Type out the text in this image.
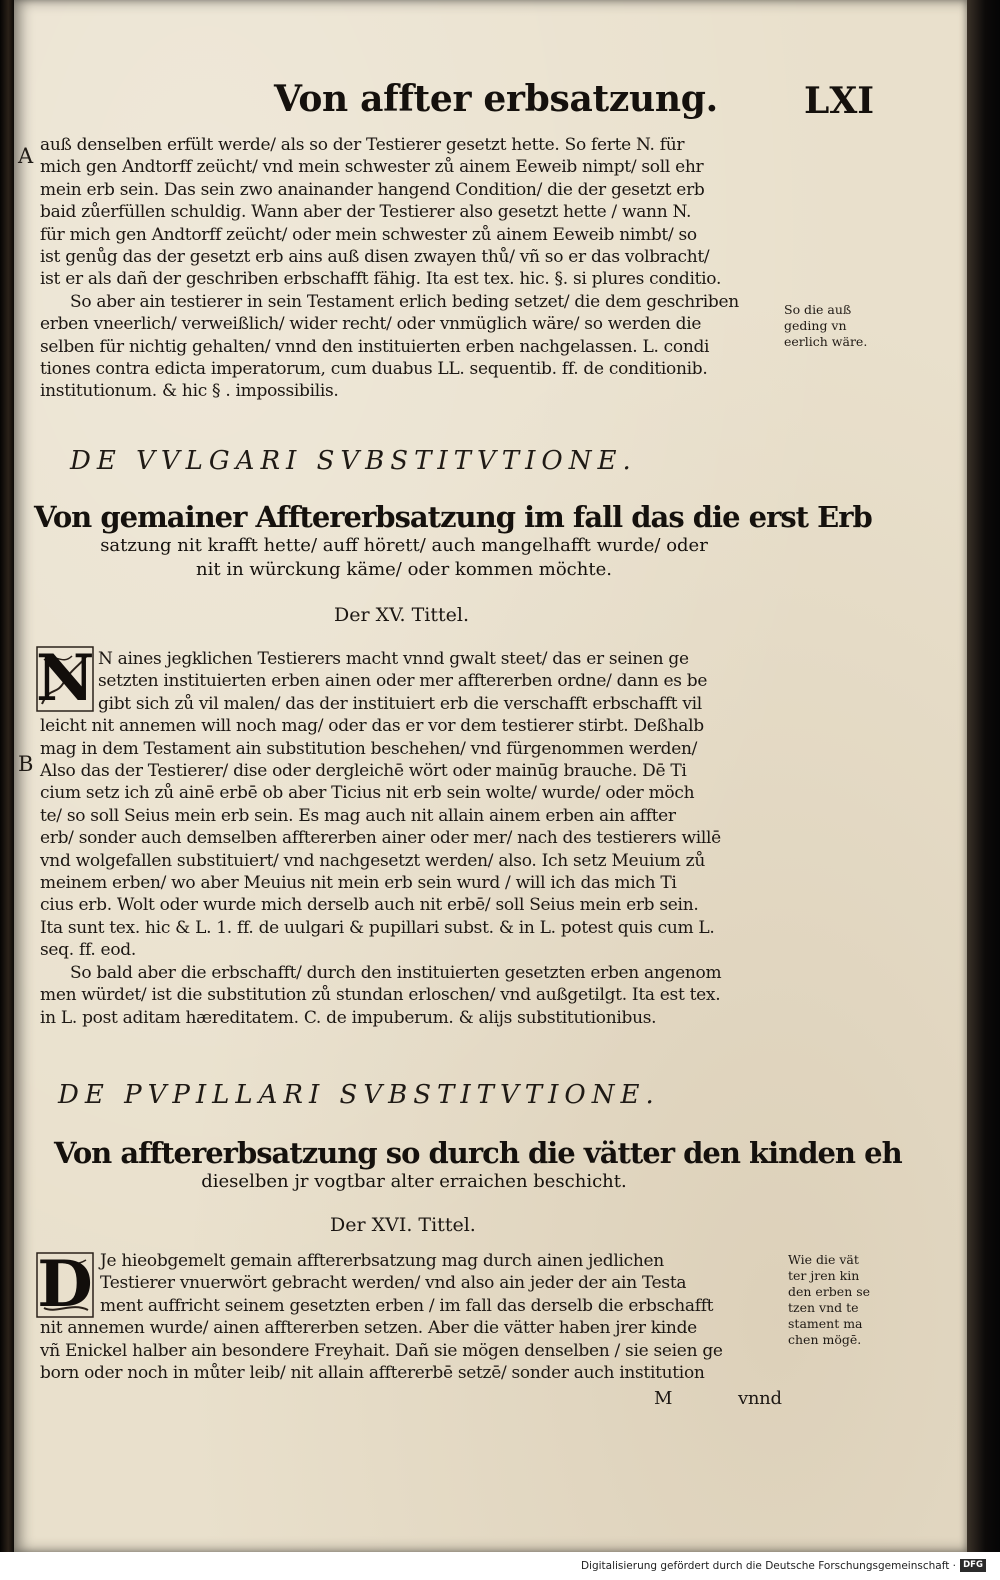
Von affter erbsatzung. LXI
A auß denselben erfült werde/ als so der Testierer gesetzt hette. So ferte N. für
mich gen Andtorff zeücht/ vnd mein schwester zů ainem Eeweib nimpt/ soll ehr
mein erb sein. Das sein zwo anainander hangend Condition/ die der gesetzt erb
baid zůerfüllen schuldig. Wann aber der Testierer also gesetzt hette / wann N.
für mich gen Andtorff zeücht/ oder mein schwester zů ainem Eeweib nimbt/ so
ist genůg das der gesetzt erb ains auß disen zwayen thů/ vñ so er das volbracht/
ist er als dañ der geschriben erbschafft fähig. Ita est tex. hic. §. si plures conditio.
So aber ain testierer in sein Testament erlich beding setzet/ die dem geschriben
erben vneerlich/ verweißlich/ wider recht/ oder vnmüglich wäre/ so werden die
selben für nichtig gehalten/ vnnd den instituierten erben nachgelassen. L. condi
tiones contra edicta imperatorum, cum duabus LL. sequentib. ff. de conditionib.
institutionum. & hic § . impossibilis.
So die auß
geding vn
eerlich wäre.
DE VVLGARI SVBSTITVTIONE.
Von gemainer Afftererbsatzung im fall das die erst Erb
satzung nit krafft hette/ auff hörett/ auch mangelhafft wurde/ oder
nit in würckung käme/ oder kommen möchte.
Der XV. Tittel.
N
B
N aines jegklichen Testierers macht vnnd gwalt steet/ das er seinen ge
setzten instituierten erben ainen oder mer afftererben ordne/ dann es be
gibt sich zů vil malen/ das der instituiert erb die verschafft erbschafft vil
leicht nit annemen will noch mag/ oder das er vor dem testierer stirbt. Deßhalb
mag in dem Testament ain substitution beschehen/ vnd fürgenommen werden/
Also das der Testierer/ dise oder dergleichē wört oder mainūg brauche. Dē Ti
cium setz ich zů ainē erbē ob aber Ticius nit erb sein wolte/ wurde/ oder möch
te/ so soll Seius mein erb sein. Es mag auch nit allain ainem erben ain affter
erb/ sonder auch demselben afftererben ainer oder mer/ nach des testierers willē
vnd wolgefallen substituiert/ vnd nachgesetzt werden/ also. Ich setz Meuium zů
meinem erben/ wo aber Meuius nit mein erb sein wurd / will ich das mich Ti
cius erb. Wolt oder wurde mich derselb auch nit erbē/ soll Seius mein erb sein.
Ita sunt tex. hic & L. 1. ff. de uulgari & pupillari subst. & in L. potest quis cum L.
seq. ff. eod.
So bald aber die erbschafft/ durch den instituierten gesetzten erben angenom
men würdet/ ist die substitution zů stundan erloschen/ vnd außgetilgt. Ita est tex.
in L. post aditam hæreditatem. C. de impuberum. & alijs substitutionibus.
DE PVPILLARI SVBSTITVTIONE.
Von afftererbsatzung so durch die vätter den kinden eh
dieselben jr vogtbar alter erraichen beschicht.
Der XVI. Tittel.
D Je hieobgemelt gemain afftererbsatzung mag durch ainen jedlichen
Testierer vnuerwört gebracht werden/ vnd also ain jeder der ain Testa
ment auffricht seinem gesetzten erben / im fall das derselb die erbschafft
nit annemen wurde/ ainen afftererben setzen. Aber die vätter haben jrer kinde
vñ Enickel halber ain besondere Freyhait. Dañ sie mögen denselben / sie seien ge
born oder noch in můter leib/ nit allain afftererbē setzē/ sonder auch institution
M	vnnd
Wie die vät
ter jren kin
den erben se
tzen vnd te
stament ma
chen mögē.
Digitalisierung gefördert durch die Deutsche Forschungsgemeinschaft · DFG
